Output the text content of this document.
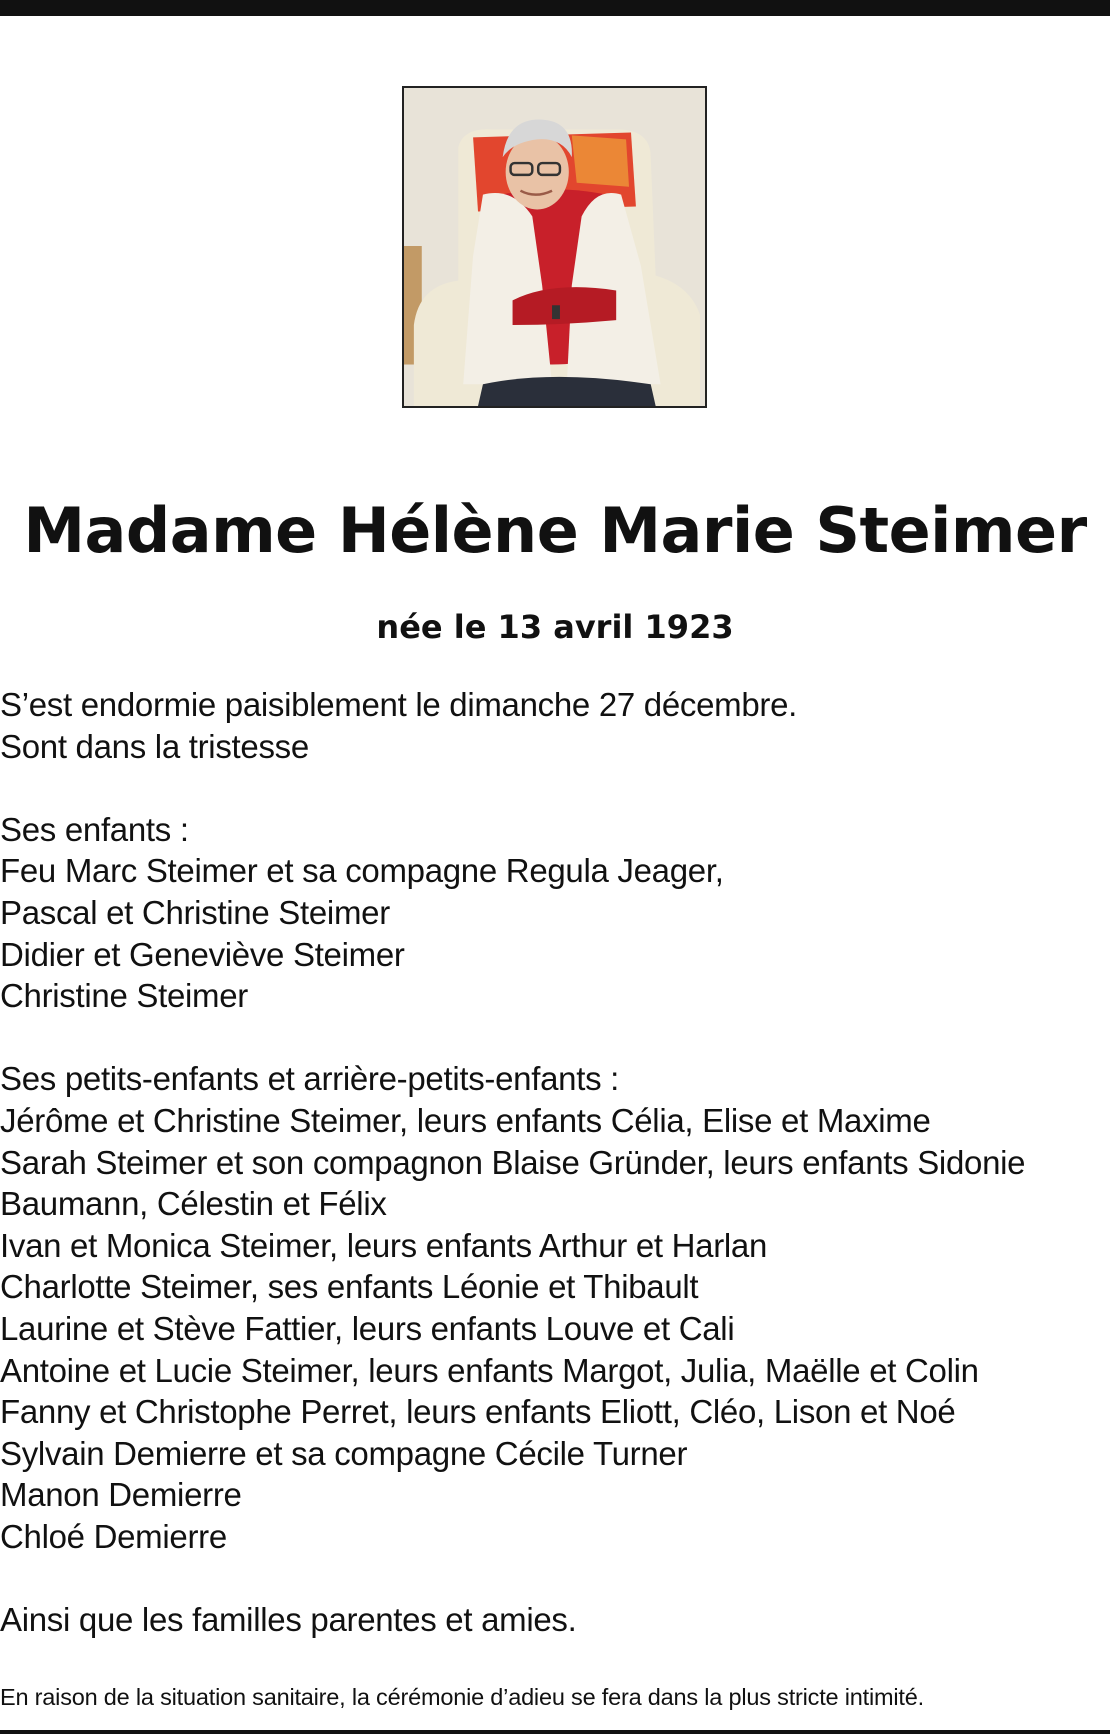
Madame Hélène Marie Steimer
née le 13 avril 1923
S’est endormie paisiblement le dimanche 27 décembre.
Sont dans la tristesse
Ses enfants :
Feu Marc Steimer et sa compagne Regula Jeager,
Pascal et Christine Steimer
Didier et Geneviève Steimer
Christine Steimer
Ses petits-enfants et arrière-petits-enfants :
Jérôme et Christine Steimer, leurs enfants Célia, Elise et Maxime
Sarah Steimer et son compagnon Blaise Gründer, leurs enfants Sidonie
Baumann, Célestin et Félix
Ivan et Monica Steimer, leurs enfants Arthur et Harlan
Charlotte Steimer, ses enfants Léonie et Thibault
Laurine et Stève Fattier, leurs enfants Louve et Cali
Antoine et Lucie Steimer, leurs enfants Margot, Julia, Maëlle et Colin
Fanny et Christophe Perret, leurs enfants Eliott, Cléo, Lison et Noé
Sylvain Demierre et sa compagne Cécile Turner
Manon Demierre
Chloé Demierre
Ainsi que les familles parentes et amies.
En raison de la situation sanitaire, la cérémonie d’adieu se fera dans la plus stricte intimité.
